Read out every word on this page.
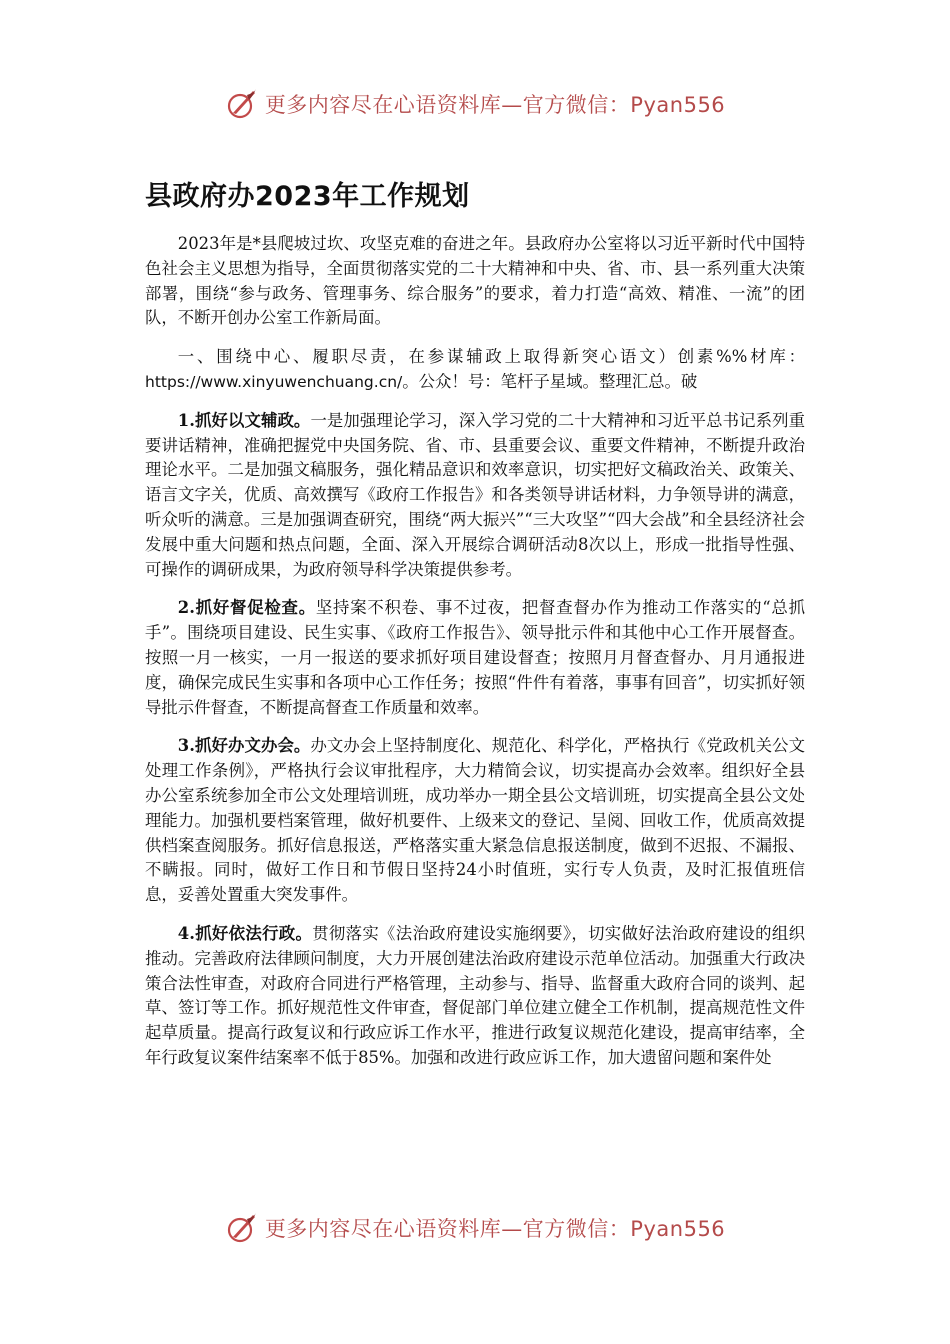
更多内容尽在心语资料库—官方微信：Pyan556
县政府办2023年工作规划

2023年是*县爬坡过坎、攻坚克难的奋进之年。县政府办公室将以习近平新时代中国特色社会主义思想为指导，全面贯彻落实党的二十大精神和中央、省、市、县一系列重大决策部署，围绕“参与政务、管理事务、综合服务”的要求，着力打造“高效、精准、一流”的团队，不断开创办公室工作新局面。

一、围绕中心、履职尽责，在参谋辅政上取得新突心语文）创素%%材库：https://www.xinyuwenchuang.cn/。公众！号：笔杆子星域。整理汇总。破

1.抓好以文辅政。一是加强理论学习，深入学习党的二十大精神和习近平总书记系列重要讲话精神，准确把握党中央国务院、省、市、县重要会议、重要文件精神，不断提升政治理论水平。二是加强文稿服务，强化精品意识和效率意识，切实把好文稿政治关、政策关、语言文字关，优质、高效撰写《政府工作报告》和各类领导讲话材料，力争领导讲的满意，听众听的满意。三是加强调查研究，围绕“两大振兴”“三大攻坚”“四大会战”和全县经济社会发展中重大问题和热点问题，全面、深入开展综合调研活动8次以上，形成一批指导性强、可操作的调研成果，为政府领导科学决策提供参考。

2.抓好督促检查。坚持案不积卷、事不过夜，把督查督办作为推动工作落实的“总抓手”。围绕项目建设、民生实事、《政府工作报告》、领导批示件和其他中心工作开展督查。按照一月一核实，一月一报送的要求抓好项目建设督查；按照月月督查督办、月月通报进度，确保完成民生实事和各项中心工作任务；按照“件件有着落，事事有回音”，切实抓好领导批示件督查，不断提高督查工作质量和效率。

3.抓好办文办会。办文办会上坚持制度化、规范化、科学化，严格执行《党政机关公文处理工作条例》，严格执行会议审批程序，大力精简会议，切实提高办会效率。组织好全县办公室系统参加全市公文处理培训班，成功举办一期全县公文培训班，切实提高全县公文处理能力。加强机要档案管理，做好机要件、上级来文的登记、呈阅、回收工作，优质高效提供档案查阅服务。抓好信息报送，严格落实重大紧急信息报送制度，做到不迟报、不漏报、不瞒报。同时，做好工作日和节假日坚持24小时值班，实行专人负责，及时汇报值班信息，妥善处置重大突发事件。

4.抓好依法行政。贯彻落实《法治政府建设实施纲要》，切实做好法治政府建设的组织推动。完善政府法律顾问制度，大力开展创建法治政府建设示范单位活动。加强重大行政决策合法性审查，对政府合同进行严格管理，主动参与、指导、监督重大政府合同的谈判、起草、签订等工作。抓好规范性文件审查，督促部门单位建立健全工作机制，提高规范性文件起草质量。提高行政复议和行政应诉工作水平，推进行政复议规范化建设，提高审结率，全年行政复议案件结案率不低于85%。加强和改进行政应诉工作，加大遗留问题和案件处

更多内容尽在心语资料库—官方微信：Pyan556
